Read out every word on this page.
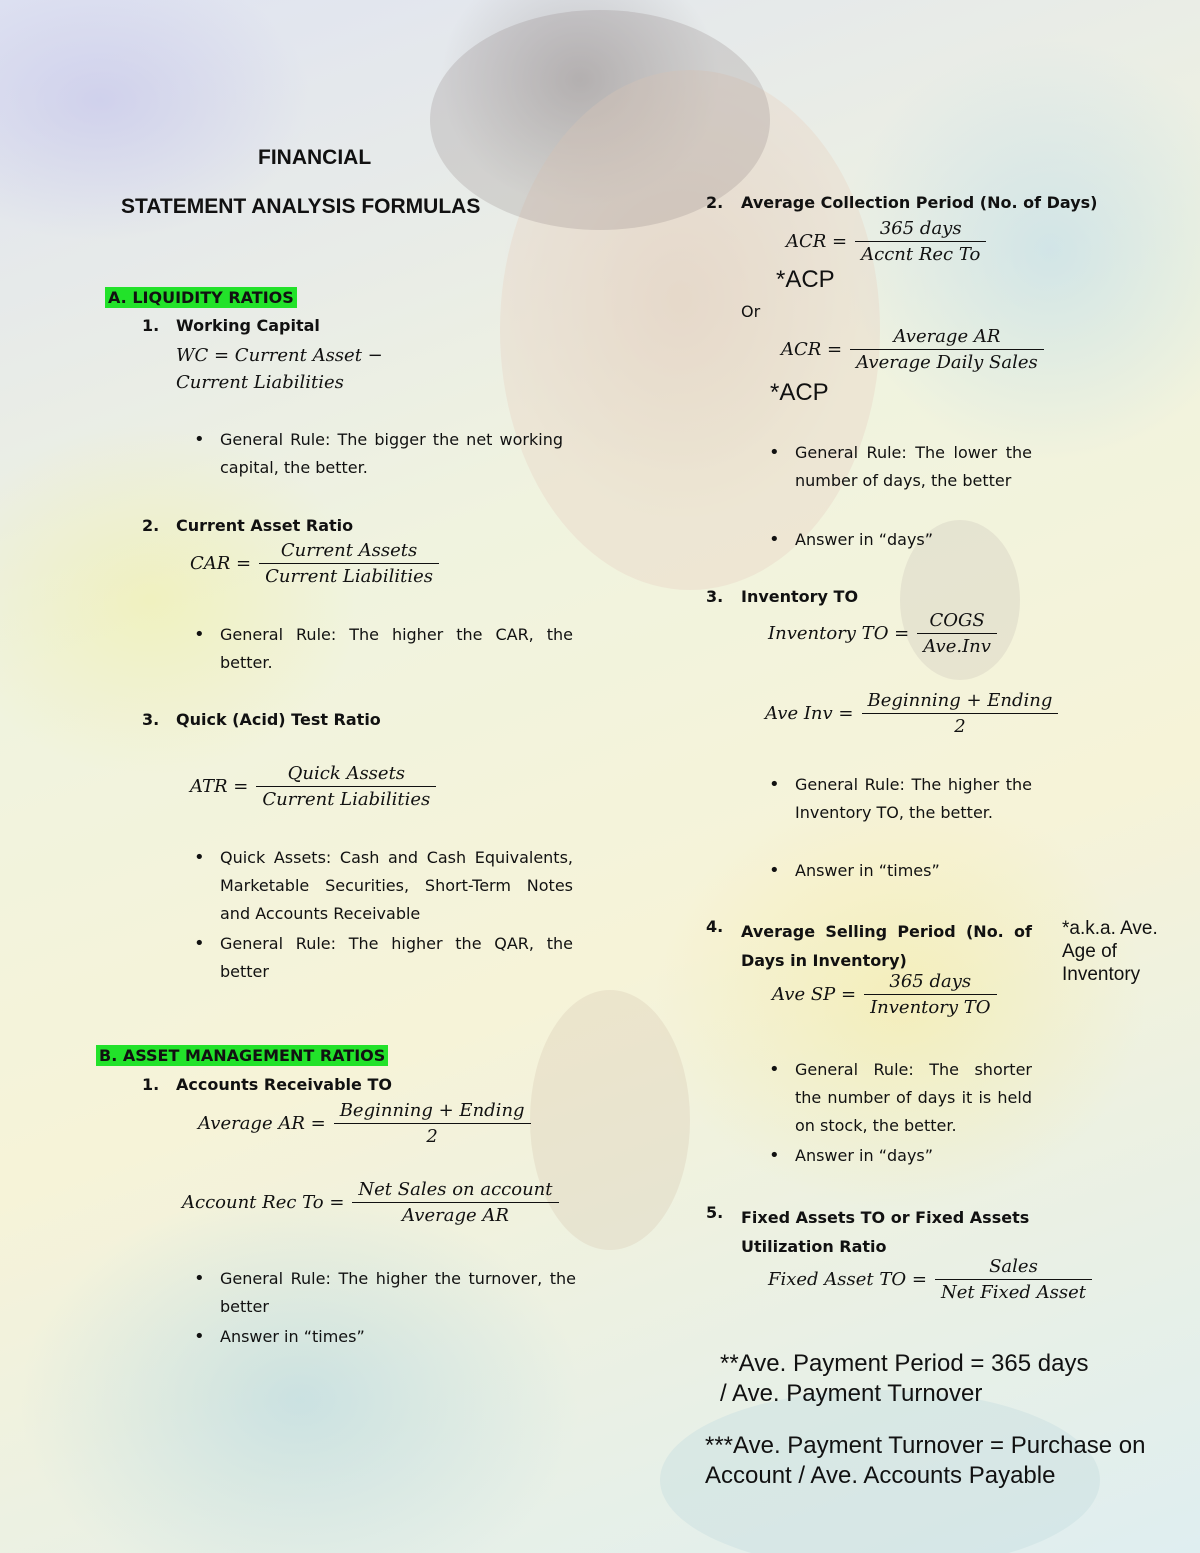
FINANCIAL
STATEMENT ANALYSIS FORMULAS
A. LIQUIDITY RATIOS
1. Working Capital
WC = Current Asset −
Current Liabilities
• General Rule: The bigger the net working capital, the better.
2. Current Asset Ratio
CAR = $\frac{\text{Current Assets}}{\text{Current Liabilities}}$
• General Rule: The higher the CAR, the better.
3. Quick (Acid) Test Ratio
ATR = $\frac{\text{Quick Assets}}{\text{Current Liabilities}}$
• Quick Assets: Cash and Cash Equivalents, Marketable Securities, Short-Term Notes and Accounts Receivable
• General Rule: The higher the QAR, the better
B. ASSET MANAGEMENT RATIOS
1. Accounts Receivable TO
Average AR = $\frac{\text{Beginning + Ending}}{2}$
Account Rec $To = \frac{\text{Net Sales on account}}{\text{Average AR}}$
• General Rule: The higher the turnover, the better
• Answer in “times”
2. Average Collection Period (No. of Days)
ACR = $\frac{\text{365 days}}{\text{Accnt Rec To}}$
*ACP
Or
ACR = $\frac{\text{Average AR}}{\text{Average Daily Sales}}$
*ACP
• General Rule: The lower the number of days, the better
• Answer in “days”
3. Inventory TO
Inventory TO = $\frac{\text{COGS}}{\text{Ave.Inv}}$
Ave Inv = $\frac{\text{Beginning + Ending}}{2}$
• General Rule: The higher the Inventory TO, the better.
• Answer in “times”
4. Average Selling Period (No. of Days in Inventory)
*a.k.a. Ave. Age of Inventory
Ave SP = $\frac{\text{365 days}}{\text{Inventory TO}}$
• General Rule: The shorter the number of days it is held on stock, the better.
• Answer in “days”
5. Fixed Assets TO or Fixed Assets Utilization Ratio
Fixed Asset TO = $\frac{\text{Sales}}{\text{Net Fixed Asset}}$
**Ave. Payment Period = 365 days / Ave. Payment Turnover
***Ave. Payment Turnover = Purchase on Account / Ave. Accounts Payable
